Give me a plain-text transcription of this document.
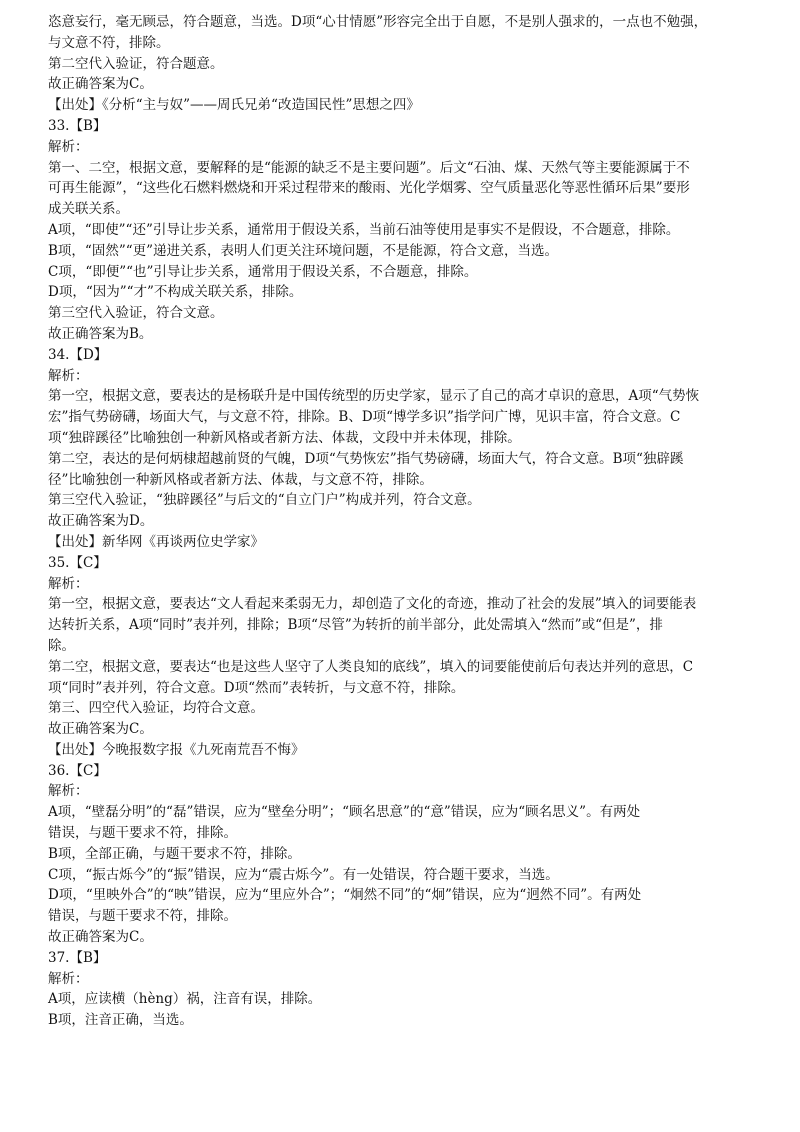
恣意妄行，毫无顾忌，符合题意，当选。D项“心甘情愿”形容完全出于自愿，不是别人强求的，一点也不勉强，
与文意不符，排除。
第二空代入验证，符合题意。
故正确答案为C。
【出处】《分析“主与奴”——周氏兄弟“改造国民性”思想之四》
33.【B】
解析：
第一、二空，根据文意，要解释的是“能源的缺乏不是主要问题”。后文“石油、煤、天然气等主要能源属于不
可再生能源”，“这些化石燃料燃烧和开采过程带来的酸雨、光化学烟雾、空气质量恶化等恶性循环后果”要形
成关联关系。
A项，“即使”“还”引导让步关系，通常用于假设关系，当前石油等使用是事实不是假设，不合题意，排除。
B项，“固然”“更”递进关系，表明人们更关注环境问题，不是能源，符合文意，当选。
C项，“即便”“也”引导让步关系，通常用于假设关系，不合题意，排除。
D项，“因为”“才”不构成关联关系，排除。
第三空代入验证，符合文意。
故正确答案为B。
34.【D】
解析：
第一空，根据文意，要表达的是杨联升是中国传统型的历史学家，显示了自己的高才卓识的意思，A项“气势恢
宏”指气势磅礴，场面大气，与文意不符，排除。B、D项“博学多识”指学问广博，见识丰富，符合文意。C
项“独辟蹊径”比喻独创一种新风格或者新方法、体裁，文段中并未体现，排除。
第二空，表达的是何炳棣超越前贤的气魄，D项“气势恢宏”指气势磅礴，场面大气，符合文意。B项“独辟蹊
径”比喻独创一种新风格或者新方法、体裁，与文意不符，排除。
第三空代入验证，“独辟蹊径”与后文的“自立门户”构成并列，符合文意。
故正确答案为D。
【出处】新华网《再谈两位史学家》
35.【C】
解析：
第一空，根据文意，要表达“文人看起来柔弱无力，却创造了文化的奇迹，推动了社会的发展”填入的词要能表
达转折关系，A项“同时”表并列，排除；B项“尽管”为转折的前半部分，此处需填入“然而”或“但是”，排
除。
第二空，根据文意，要表达“也是这些人坚守了人类良知的底线”，填入的词要能使前后句表达并列的意思，C
项“同时”表并列，符合文意。D项“然而”表转折，与文意不符，排除。
第三、四空代入验证，均符合文意。
故正确答案为C。
【出处】今晚报数字报《九死南荒吾不悔》
36.【C】
解析：
A项，“壁磊分明”的“磊”错误，应为“壁垒分明”；“顾名思意”的“意”错误，应为“顾名思义”。有两处
错误，与题干要求不符，排除。
B项，全部正确，与题干要求不符，排除。
C项，“振古烁今”的“振”错误，应为“震古烁今”。有一处错误，符合题干要求，当选。
D项，“里映外合”的“映”错误，应为“里应外合”；“炯然不同”的“炯”错误，应为“迥然不同”。有两处
错误，与题干要求不符，排除。
故正确答案为C。
37.【B】
解析：
A项，应读横（hèng）祸，注音有误，排除。
B项，注音正确，当选。
